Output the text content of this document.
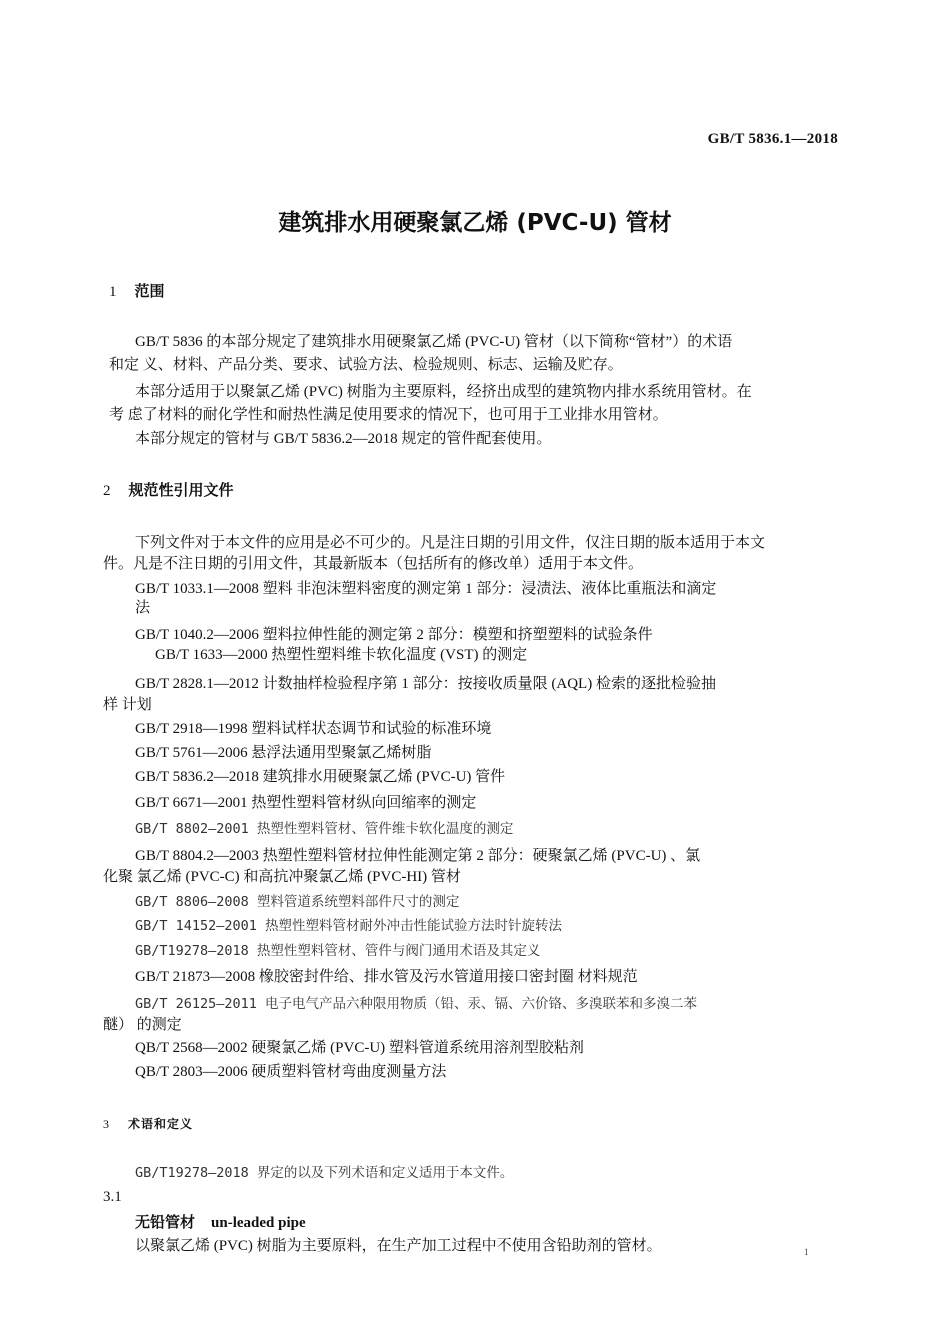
GB/T 5836.1—2018
建筑排水用硬聚氯乙烯 (PVC-U) 管材
1 范围
GB/T 5836 的本部分规定了建筑排水用硬聚氯乙烯 (PVC-U) 管材（以下简称“管材”）的术语
和定 义、材料、产品分类、要求、试验方法、检验规则、标志、运输及贮存。
本部分适用于以聚氯乙烯 (PVC) 树脂为主要原料，经挤出成型的建筑物内排水系统用管材。在
考 虑了材料的耐化学性和耐热性满足使用要求的情况下，也可用于工业排水用管材。
本部分规定的管材与 GB/T 5836.2—2018 规定的管件配套使用。
2 规范性引用文件
下列文件对于本文件的应用是必不可少的。凡是注日期的引用文件，仅注日期的版本适用于本文
件。凡是不注日期的引用文件，其最新版本（包括所有的修改单）适用于本文件。
GB/T 1033.1—2008 塑料 非泡沫塑料密度的测定第 1 部分：浸渍法、液体比重瓶法和滴定
法
GB/T 1040.2—2006 塑料拉伸性能的测定第 2 部分：模塑和挤塑塑料的试验条件
GB/T 1633—2000 热塑性塑料维卡软化温度 (VST) 的测定
GB/T 2828.1—2012 计数抽样检验程序第 1 部分：按接收质量限 (AQL) 检索的逐批检验抽
样 计划
GB/T 2918—1998 塑料试样状态调节和试验的标准环境
GB/T 5761—2006 悬浮法通用型聚氯乙烯树脂
GB/T 5836.2—2018 建筑排水用硬聚氯乙烯 (PVC-U) 管件
GB/T 6671—2001 热塑性塑料管材纵向回缩率的测定
GB/T 8802—2001 热塑性塑料管材、管件维卡软化温度的测定
GB/T 8804.2—2003 热塑性塑料管材拉伸性能测定第 2 部分：硬聚氯乙烯 (PVC-U) 、氯
化聚 氯乙烯 (PVC-C) 和高抗冲聚氯乙烯 (PVC-HI) 管材
GB/T 8806—2008 塑料管道系统塑料部件尺寸的测定
GB/T 14152—2001 热塑性塑料管材耐外冲击性能试验方法时针旋转法
GB/T19278—2018 热塑性塑料管材、管件与阀门通用术语及其定义
GB/T 21873—2008 橡胶密封件给、排水管及污水管道用接口密封圈 材料规范
GB/T 26125—2011 电子电气产品六种限用物质（铅、汞、镉、六价铬、多溴联苯和多溴二苯
醚） 的测定
QB/T 2568—2002 硬聚氯乙烯 (PVC-U) 塑料管道系统用溶剂型胶粘剂
QB/T 2803—2006 硬质塑料管材弯曲度测量方法
3 术语和定义
GB/T19278—2018 界定的以及下列术语和定义适用于本文件。
3.1
无铅管材 un-leaded pipe
以聚氯乙烯 (PVC) 树脂为主要原料，在生产加工过程中不使用含铅助剂的管材。	1
